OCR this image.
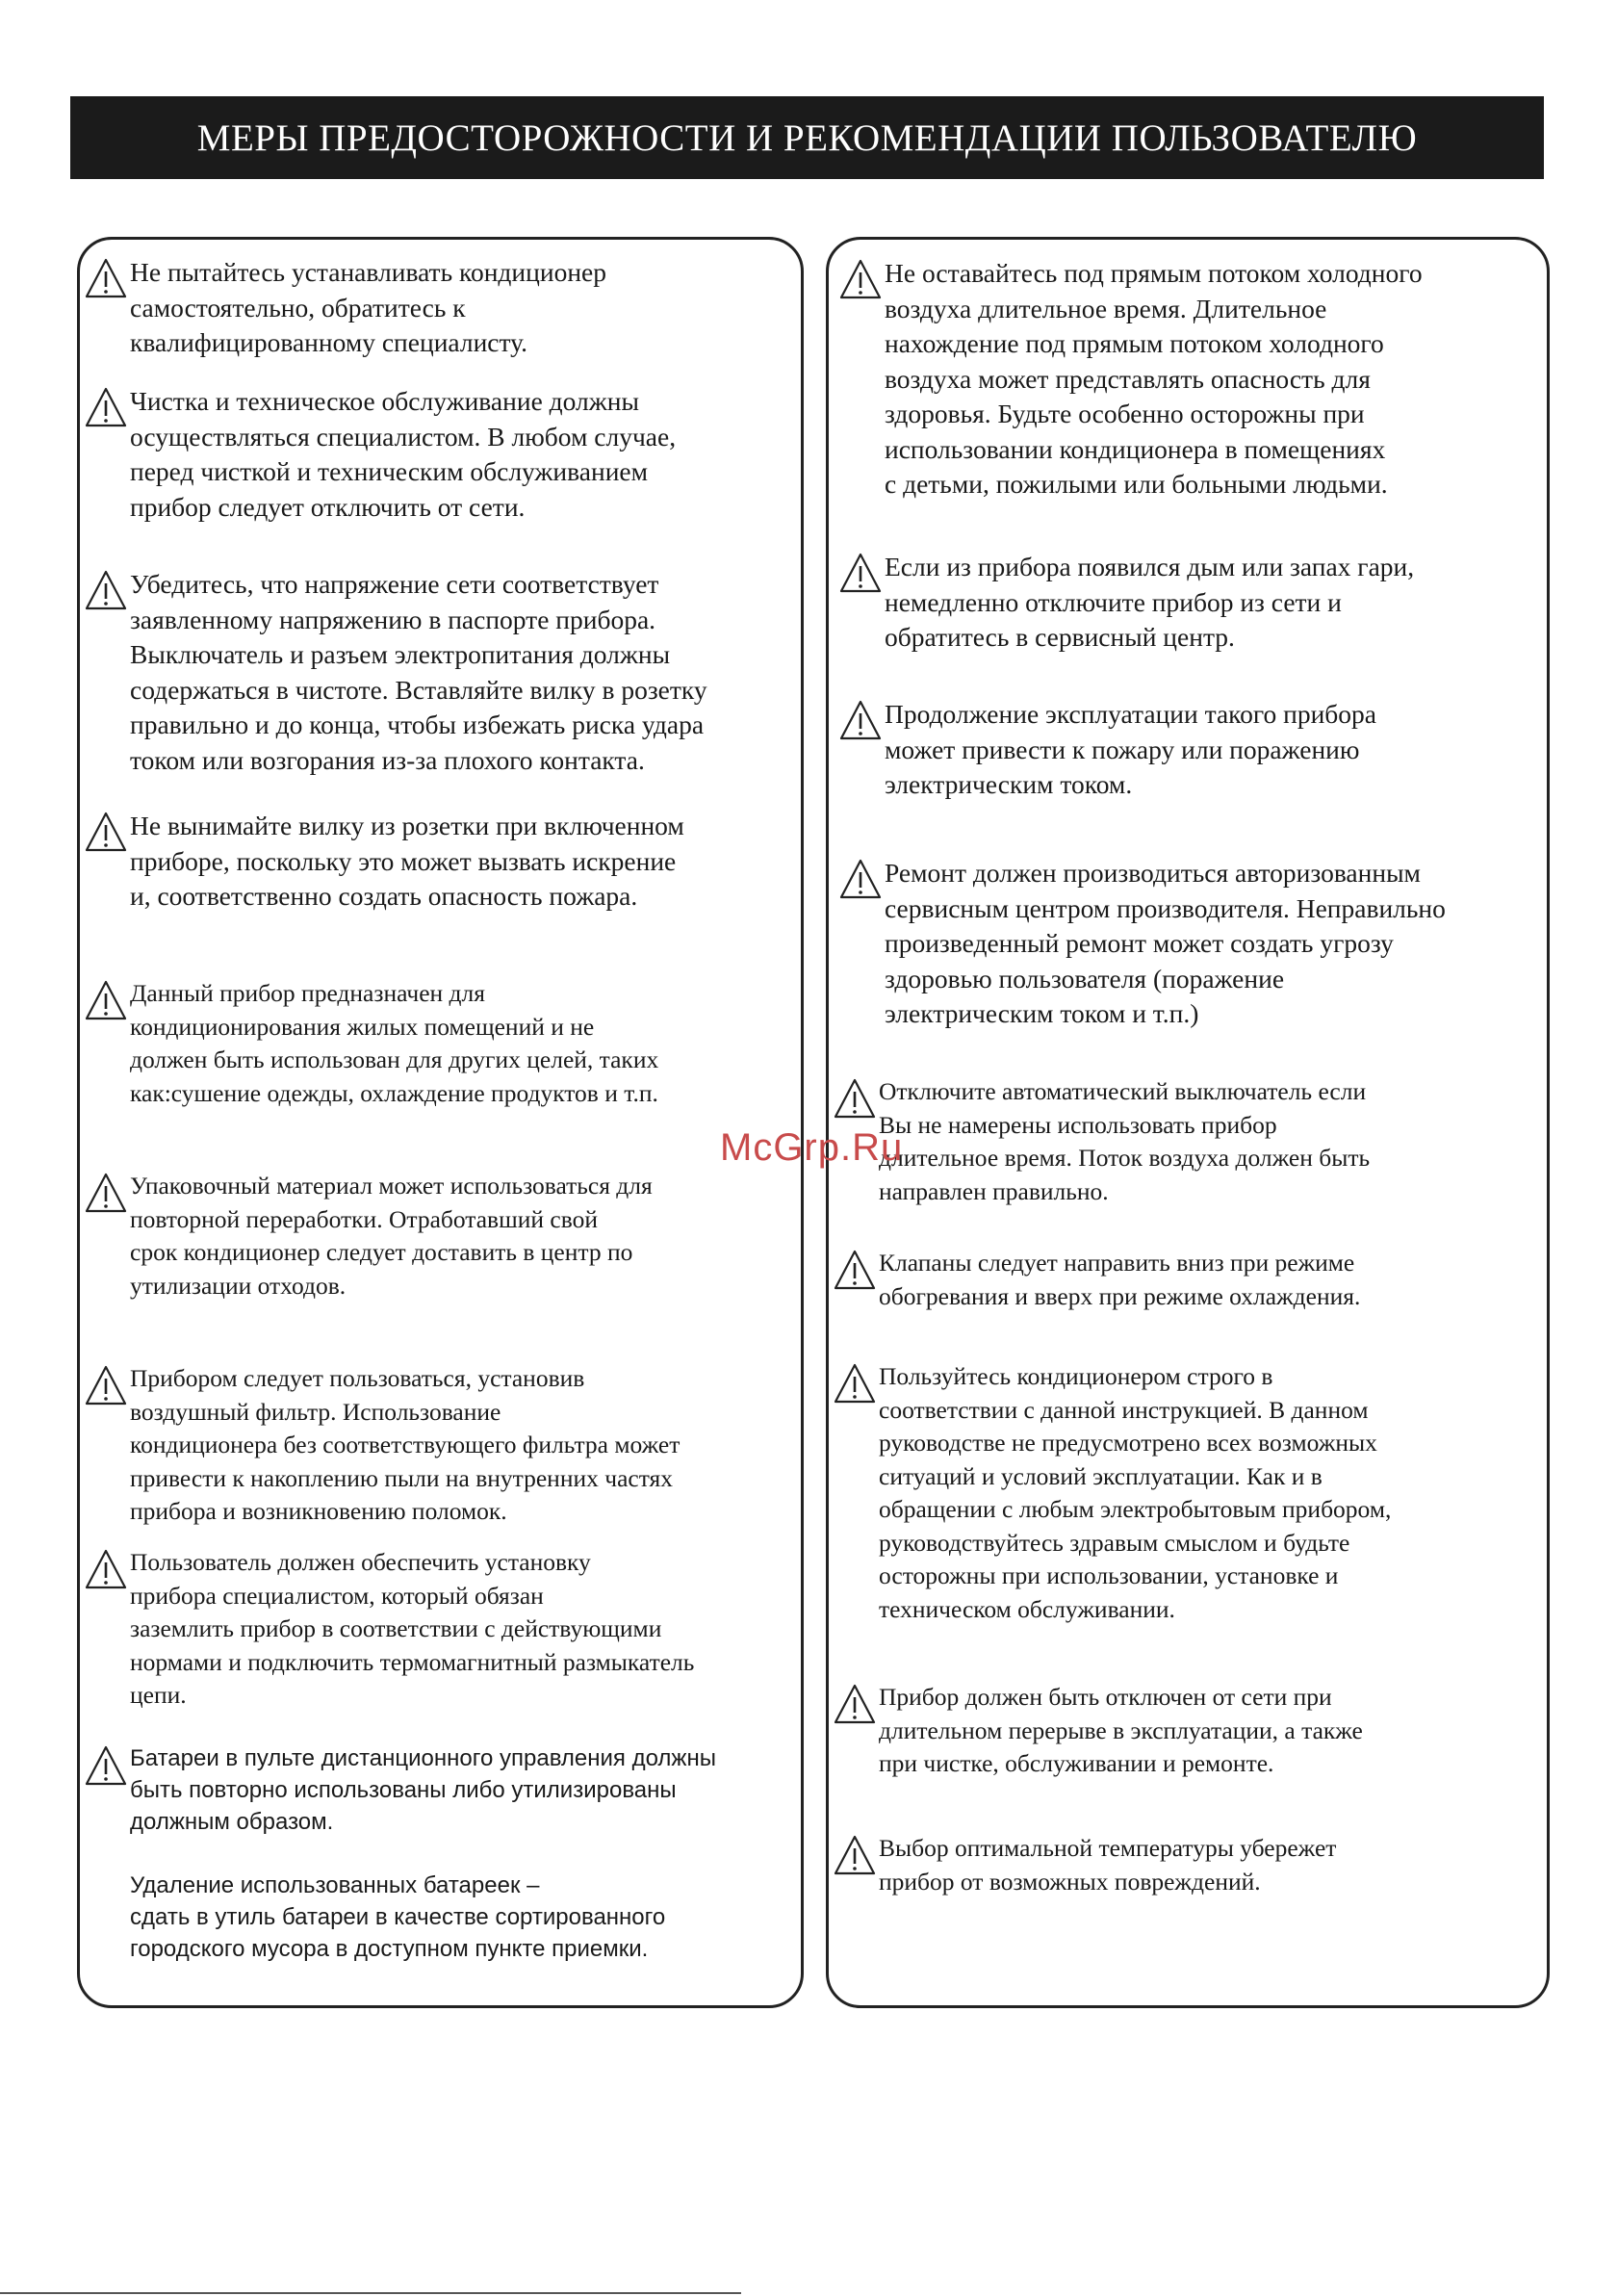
МЕРЫ ПРЕДОСТОРОЖНОСТИ И РЕКОМЕНДАЦИИ ПОЛЬЗОВАТЕЛЮ
Не пытайтесь устанавливать кондиционер
самостоятельно, обратитесь к
квалифицированному специалисту.
Чистка и техническое обслуживание должны
осуществляться специалистом. В любом случае,
перед чисткой и техническим обслуживанием
прибор следует отключить от сети.
Убедитесь, что напряжение сети соответствует
заявленному напряжению в паспорте прибора.
Выключатель и разъем электропитания должны
содержаться в чистоте. Вставляйте вилку в розетку
правильно и до конца, чтобы избежать риска удара
током или возгорания из-за плохого контакта.
Не вынимайте вилку из розетки при включенном
приборе, поскольку это может вызвать искрение
и, соответственно создать опасность пожара.
Данный прибор предназначен для
кондиционирования жилых помещений и не
должен быть использован для других целей, таких
как:сушение одежды, охлаждение продуктов и т.п.
Упаковочный материал может использоваться для
повторной переработки. Отработавший свой
срок кондиционер следует доставить в центр по
утилизации отходов.
Прибором следует пользоваться, установив
воздушный фильтр. Использование
кондиционера без соответствующего фильтра может
привести к накоплению пыли на внутренних частях
прибора и возникновению поломок.
Пользователь должен обеспечить установку
прибора специалистом, который обязан
заземлить прибор в соответствии с действующими
нормами и подключить термомагнитный размыкатель
цепи.
Батареи в пульте дистанционного управления должны
быть повторно использованы либо утилизированы
должным образом.

Удаление использованных батареек –
сдать в утиль батареи в качестве сортированного
городского мусора в доступном пункте приемки.
Не оставайтесь под прямым потоком холодного
воздуха длительное время. Длительное
нахождение под прямым потоком холодного
воздуха может представлять опасность для
здоровья. Будьте особенно осторожны при
использовании кондиционера в помещениях
с детьми, пожилыми или больными людьми.
Если из прибора появился дым или запах гари,
немедленно отключите прибор из сети и
обратитесь в сервисный центр.
Продолжение эксплуатации такого прибора
может привести к пожару или поражению
электрическим током.
Ремонт должен производиться авторизованным
сервисным центром производителя. Неправильно
произведенный ремонт может создать угрозу
здоровью пользователя (поражение
электрическим током и т.п.)
Отключите автоматический выключатель если
Вы не намерены использовать прибор
длительное время. Поток воздуха должен быть
направлен правильно.
Клапаны следует направить вниз при режиме
обогревания и вверх при режиме охлаждения.
Пользуйтесь кондиционером строго в
соответствии с данной инструкцией. В данном
руководстве не предусмотрено всех возможных
ситуаций и условий эксплуатации. Как и в
обращении с любым электробытовым прибором,
руководствуйтесь здравым смыслом и будьте
осторожны при использовании, установке и
техническом обслуживании.
Прибор должен быть отключен от сети при
длительном перерыве в эксплуатации, а также
при чистке, обслуживании и ремонте.
Выбор оптимальной температуры убережет
прибор от возможных повреждений.
McGrp.Ru
